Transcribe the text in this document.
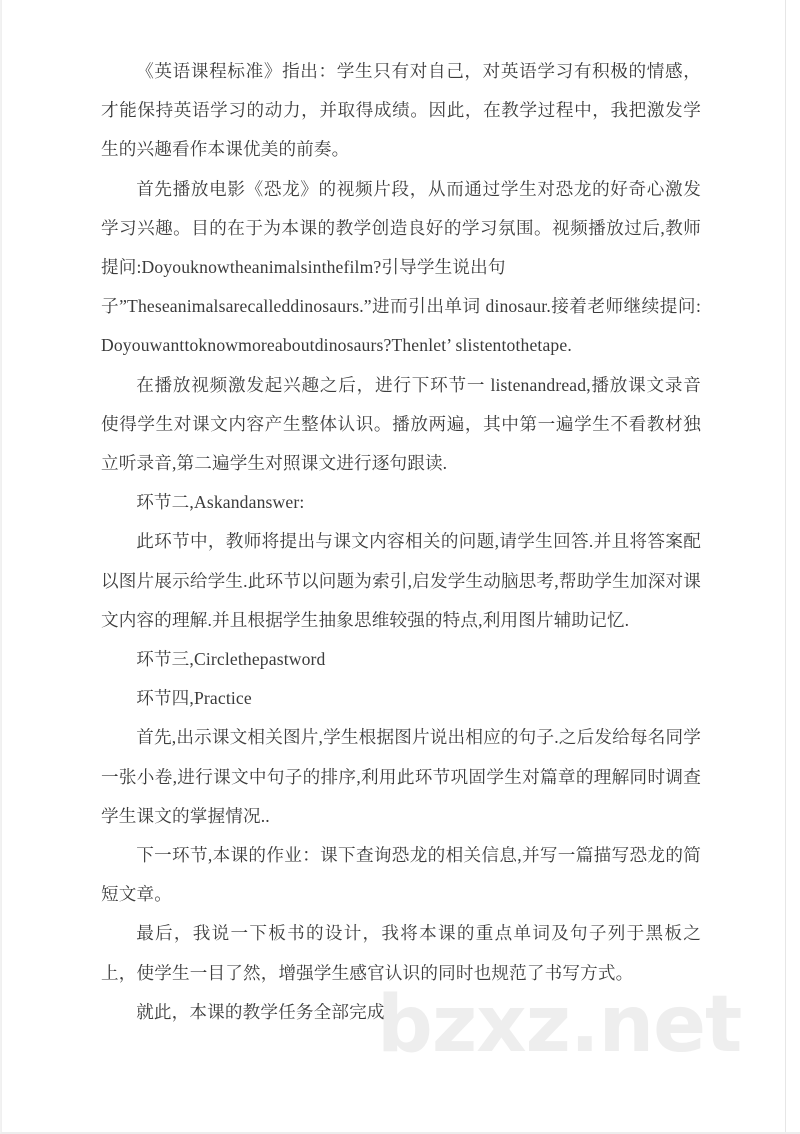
《英语课程标准》指出：学生只有对自己，对英语学习有积极的情感，才能保持英语学习的动力，并取得成绩。因此，在教学过程中，我把激发学生的兴趣看作本课优美的前奏。

首先播放电影《恐龙》的视频片段，从而通过学生对恐龙的好奇心激发学习兴趣。目的在于为本课的教学创造良好的学习氛围。视频播放过后,教师提问:Doyouknowtheanimalsinthefilm?引导学生说出句

子”Theseanimalsarecalleddinosaurs.”进而引出单词 dinosaur.接着老师继续提问:Doyouwanttoknowmoreaboutdinosaurs?Thenlet’ slistentothetape.

在播放视频激发起兴趣之后，进行下环节一 listenandread,播放课文录音使得学生对课文内容产生整体认识。播放两遍，其中第一遍学生不看教材独立听录音,第二遍学生对照课文进行逐句跟读.

环节二,Askandanswer:

此环节中，教师将提出与课文内容相关的问题,请学生回答.并且将答案配以图片展示给学生.此环节以问题为索引,启发学生动脑思考,帮助学生加深对课文内容的理解.并且根据学生抽象思维较强的特点,利用图片辅助记忆.

环节三,Circlethepastword

环节四,Practice

首先,出示课文相关图片,学生根据图片说出相应的句子.之后发给每名同学一张小卷,进行课文中句子的排序,利用此环节巩固学生对篇章的理解同时调查学生课文的掌握情况..

下一环节,本课的作业：课下查询恐龙的相关信息,并写一篇描写恐龙的简短文章。

最后，我说一下板书的设计，我将本课的重点单词及句子列于黑板之上，使学生一目了然，增强学生感官认识的同时也规范了书写方式。

就此，本课的教学任务全部完成。

bzxz.net
